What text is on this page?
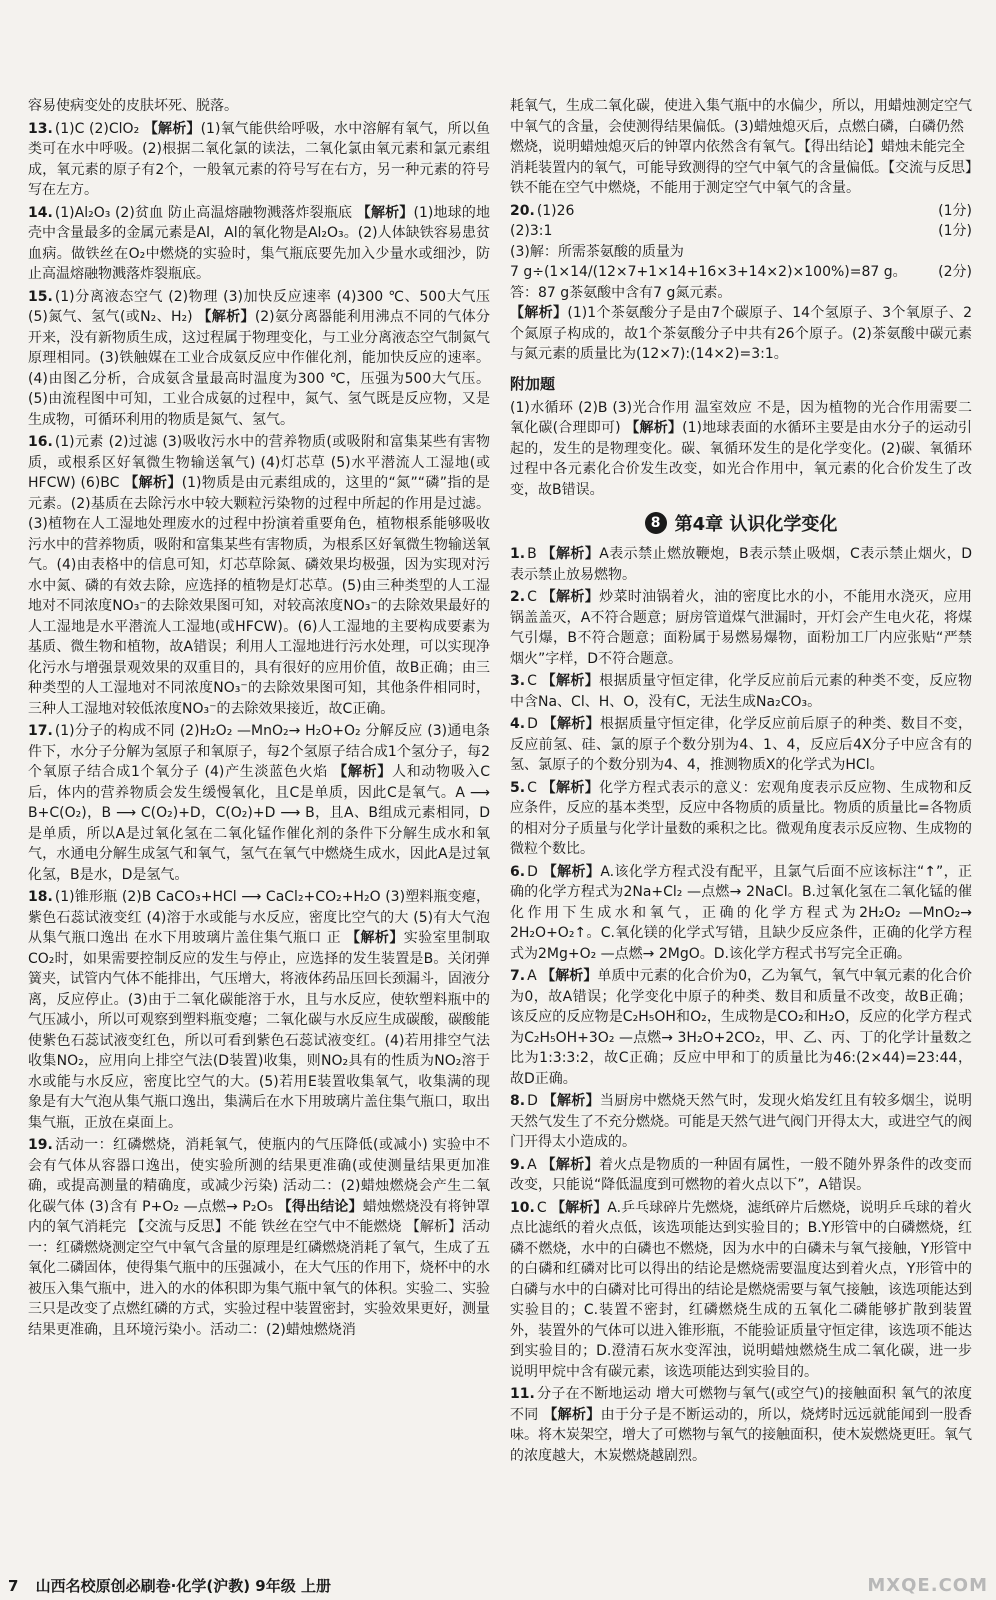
容易使病变处的皮肤坏死、脱落。

13. (1)C (2)ClO₂ 【解析】(1)氧气能供给呼吸，水中溶解有氧气，所以鱼类可在水中呼吸。(2)根据二氧化氯的读法，二氧化氯由氧元素和氯元素组成，氧元素的原子有2个，一般氧元素的符号写在右方，另一种元素的符号写在左方。

14. (1)Al₂O₃ (2)贫血 防止高温熔融物溅落炸裂瓶底 【解析】(1)地球的地壳中含量最多的金属元素是Al，Al的氧化物是Al₂O₃。(2)人体缺铁容易患贫血病。做铁丝在O₂中燃烧的实验时，集气瓶底要先加入少量水或细沙，防止高温熔融物溅落炸裂瓶底。

15. (1)分离液态空气 (2)物理 (3)加快反应速率 (4)300 ℃、500大气压 (5)氮气、氢气(或N₂、H₂) 【解析】(2)氨分离器能利用沸点不同的气体分开来，没有新物质生成，这过程属于物理变化，与工业分离液态空气制氮气原理相同。(3)铁触媒在工业合成氨反应中作催化剂，能加快反应的速率。(4)由图乙分析，合成氨含量最高时温度为300 ℃，压强为500大气压。(5)由流程图中可知，工业合成氨的过程中，氮气、氢气既是反应物，又是生成物，可循环利用的物质是氮气、氢气。

16. (1)元素 (2)过滤 (3)吸收污水中的营养物质(或吸附和富集某些有害物质，或根系区好氧微生物输送氧气) (4)灯芯草 (5)水平潜流人工湿地(或HFCW) (6)BC 【解析】(1)物质是由元素组成的，这里的“氮”“磷”指的是元素。(2)基质在去除污水中较大颗粒污染物的过程中所起的作用是过滤。(3)植物在人工湿地处理废水的过程中扮演着重要角色，植物根系能够吸收污水中的营养物质，吸附和富集某些有害物质，为根系区好氧微生物输送氧气。(4)由表格中的信息可知，灯芯草除氮、磷效果均极强，因为实现对污水中氮、磷的有效去除，应选择的植物是灯芯草。(5)由三种类型的人工湿地对不同浓度NO₃⁻的去除效果图可知，对较高浓度NO₃⁻的去除效果最好的人工湿地是水平潜流人工湿地(或HFCW)。(6)人工湿地的主要构成要素为基质、微生物和植物，故A错误；利用人工湿地进行污水处理，可以实现净化污水与增强景观效果的双重目的，具有很好的应用价值，故B正确；由三种类型的人工湿地对不同浓度NO₃⁻的去除效果图可知，其他条件相同时，三种人工湿地对较低浓度NO₃⁻的去除效果接近，故C正确。

17. (1)分子的构成不同 (2)H₂O₂ —MnO₂→ H₂O+O₂ 分解反应 (3)通电条件下，水分子分解为氢原子和氧原子，每2个氢原子结合成1个氢分子，每2个氧原子结合成1个氧分子 (4)产生淡蓝色火焰 【解析】人和动物吸入C后，体内的营养物质会发生缓慢氧化，且C是单质，因此C是氧气。A ⟶ B+C(O₂)，B ⟶ C(O₂)+D，C(O₂)+D ⟶ B，且A、B组成元素相同，D是单质，所以A是过氧化氢在二氧化锰作催化剂的条件下分解生成水和氧气，水通电分解生成氢气和氧气，氢气在氧气中燃烧生成水，因此A是过氧化氢，B是水，D是氢气。

18. (1)锥形瓶 (2)B CaCO₃+HCl ⟶ CaCl₂+CO₂+H₂O (3)塑料瓶变瘪，紫色石蕊试液变红 (4)溶于水或能与水反应，密度比空气的大 (5)有大气泡从集气瓶口逸出 在水下用玻璃片盖住集气瓶口 正 【解析】实验室里制取CO₂时，如果需要控制反应的发生与停止，应选择的发生装置是B。关闭弹簧夹，试管内气体不能排出，气压增大，将液体药品压回长颈漏斗，固液分离，反应停止。(3)由于二氧化碳能溶于水，且与水反应，使软塑料瓶中的气压减小，所以可观察到塑料瓶变瘪；二氧化碳与水反应生成碳酸，碳酸能使紫色石蕊试液变红色，所以可看到紫色石蕊试液变红。(4)若用排空气法收集NO₂，应用向上排空气法(D装置)收集，则NO₂具有的性质为NO₂溶于水或能与水反应，密度比空气的大。(5)若用E装置收集氧气，收集满的现象是有大气泡从集气瓶口逸出，集满后在水下用玻璃片盖住集气瓶口，取出集气瓶，正放在桌面上。

19. 活动一：红磷燃烧，消耗氧气，使瓶内的气压降低(或减小) 实验中不会有气体从容器口逸出，使实验所测的结果更准确(或使测量结果更加准确，或提高测量的精确度，或减少污染) 活动二：(2)蜡烛燃烧会产生二氧化碳气体 (3)含有 P+O₂ —点燃→ P₂O₅ 【得出结论】蜡烛燃烧没有将钟罩内的氧气消耗完 【交流与反思】不能 铁丝在空气中不能燃烧 【解析】活动一：红磷燃烧测定空气中氧气含量的原理是红磷燃烧消耗了氧气，生成了五氧化二磷固体，使得集气瓶中的压强减小，在大气压的作用下，烧杯中的水被压入集气瓶中，进入的水的体积即为集气瓶中氧气的体积。实验二、实验三只是改变了点燃红磷的方式，实验过程中装置密封，实验效果更好，测量结果更准确，且环境污染小。活动二：(2)蜡烛燃烧消

耗氧气，生成二氧化碳，使进入集气瓶中的水偏少，所以，用蜡烛测定空气中氧气的含量，会使测得结果偏低。(3)蜡烛熄灭后，点燃白磷，白磷仍然燃烧，说明蜡烛熄灭后的钟罩内依然含有氧气。【得出结论】蜡烛未能完全消耗装置内的氧气，可能导致测得的空气中氧气的含量偏低。【交流与反思】铁不能在空气中燃烧，不能用于测定空气中氧气的含量。

20. (1)26	(1分)
(2)3:1	(1分)
(3)解：所需茶氨酸的质量为
7 g÷(1×14/(12×7+1×14+16×3+14×2)×100%)=87 g。 (2分)
答：87 g茶氨酸中含有7 g氮元素。
【解析】(1)1个茶氨酸分子是由7个碳原子、14个氢原子、3个氧原子、2个氮原子构成的，故1个茶氨酸分子中共有26个原子。(2)茶氨酸中碳元素与氮元素的质量比为(12×7):(14×2)=3:1。
附加题
(1)水循环 (2)B (3)光合作用 温室效应 不是，因为植物的光合作用需要二氧化碳(合理即可) 【解析】(1)地球表面的水循环主要是由水分子的运动引起的，发生的是物理变化。碳、氧循环发生的是化学变化。(2)碳、氧循环过程中各元素化合价发生改变，如光合作用中，氧元素的化合价发生了改变，故B错误。
8 第4章 认识化学变化

1. B 【解析】A表示禁止燃放鞭炮，B表示禁止吸烟，C表示禁止烟火，D表示禁止放易燃物。

2. C 【解析】炒菜时油锅着火，油的密度比水的小，不能用水浇灭，应用锅盖盖灭，A不符合题意；厨房管道煤气泄漏时，开灯会产生电火花，将煤气引爆，B不符合题意；面粉属于易燃易爆物，面粉加工厂内应张贴“严禁烟火”字样，D不符合题意。

3. C 【解析】根据质量守恒定律，化学反应前后元素的种类不变，反应物中含Na、Cl、H、O，没有C，无法生成Na₂CO₃。

4. D 【解析】根据质量守恒定律，化学反应前后原子的种类、数目不变，反应前氢、硅、氯的原子个数分别为4、1、4，反应后4X分子中应含有的氢、氯原子的个数分别为4、4，推测物质X的化学式为HCl。

5. C 【解析】化学方程式表示的意义：宏观角度表示反应物、生成物和反应条件，反应的基本类型，反应中各物质的质量比。物质的质量比=各物质的相对分子质量与化学计量数的乘积之比。微观角度表示反应物、生成物的微粒个数比。

6. D 【解析】A.该化学方程式没有配平，且氯气后面不应该标注“↑”，正确的化学方程式为2Na+Cl₂ —点燃→ 2NaCl。B.过氧化氢在二氧化锰的催化作用下生成水和氧气，正确的化学方程式为2H₂O₂ —MnO₂→ 2H₂O+O₂↑。C.氧化镁的化学式写错，且缺少反应条件，正确的化学方程式为2Mg+O₂ —点燃→ 2MgO。D.该化学方程式书写完全正确。

7. A 【解析】单质中元素的化合价为0，乙为氧气，氧气中氧元素的化合价为0，故A错误；化学变化中原子的种类、数目和质量不改变，故B正确；该反应的反应物是C₂H₅OH和O₂，生成物是CO₂和H₂O，反应的化学方程式为C₂H₅OH+3O₂ —点燃→ 3H₂O+2CO₂，甲、乙、丙、丁的化学计量数之比为1:3:3:2，故C正确；反应中甲和丁的质量比为46:(2×44)=23:44，故D正确。

8. D 【解析】当厨房中燃烧天然气时，发现火焰发红且有较多烟尘，说明天然气发生了不充分燃烧。可能是天然气进气阀门开得太大，或进空气的阀门开得太小造成的。

9. A 【解析】着火点是物质的一种固有属性，一般不随外界条件的改变而改变，只能说“降低温度到可燃物的着火点以下”，A错误。

10. C 【解析】A.乒乓球碎片先燃烧，滤纸碎片后燃烧，说明乒乓球的着火点比滤纸的着火点低，该选项能达到实验目的；B.Y形管中的白磷燃烧，红磷不燃烧，水中的白磷也不燃烧，因为水中的白磷未与氧气接触，Y形管中的白磷和红磷对比可以得出的结论是燃烧需要温度达到着火点，Y形管中的白磷与水中的白磷对比可得出的结论是燃烧需要与氧气接触，该选项能达到实验目的；C.装置不密封，红磷燃烧生成的五氧化二磷能够扩散到装置外，装置外的气体可以进入锥形瓶，不能验证质量守恒定律，该选项不能达到实验目的；D.澄清石灰水变浑浊，说明蜡烛燃烧生成二氧化碳，进一步说明甲烷中含有碳元素，该选项能达到实验目的。

11. 分子在不断地运动 增大可燃物与氧气(或空气)的接触面积 氧气的浓度不同 【解析】由于分子是不断运动的，所以，烧烤时远远就能闻到一股香味。将木炭架空，增大了可燃物与氧气的接触面积，使木炭燃烧更旺。氧气的浓度越大，木炭燃烧越剧烈。

7 山西名校原创必刷卷·化学(沪教) 9年级 上册	MXQE.COM
